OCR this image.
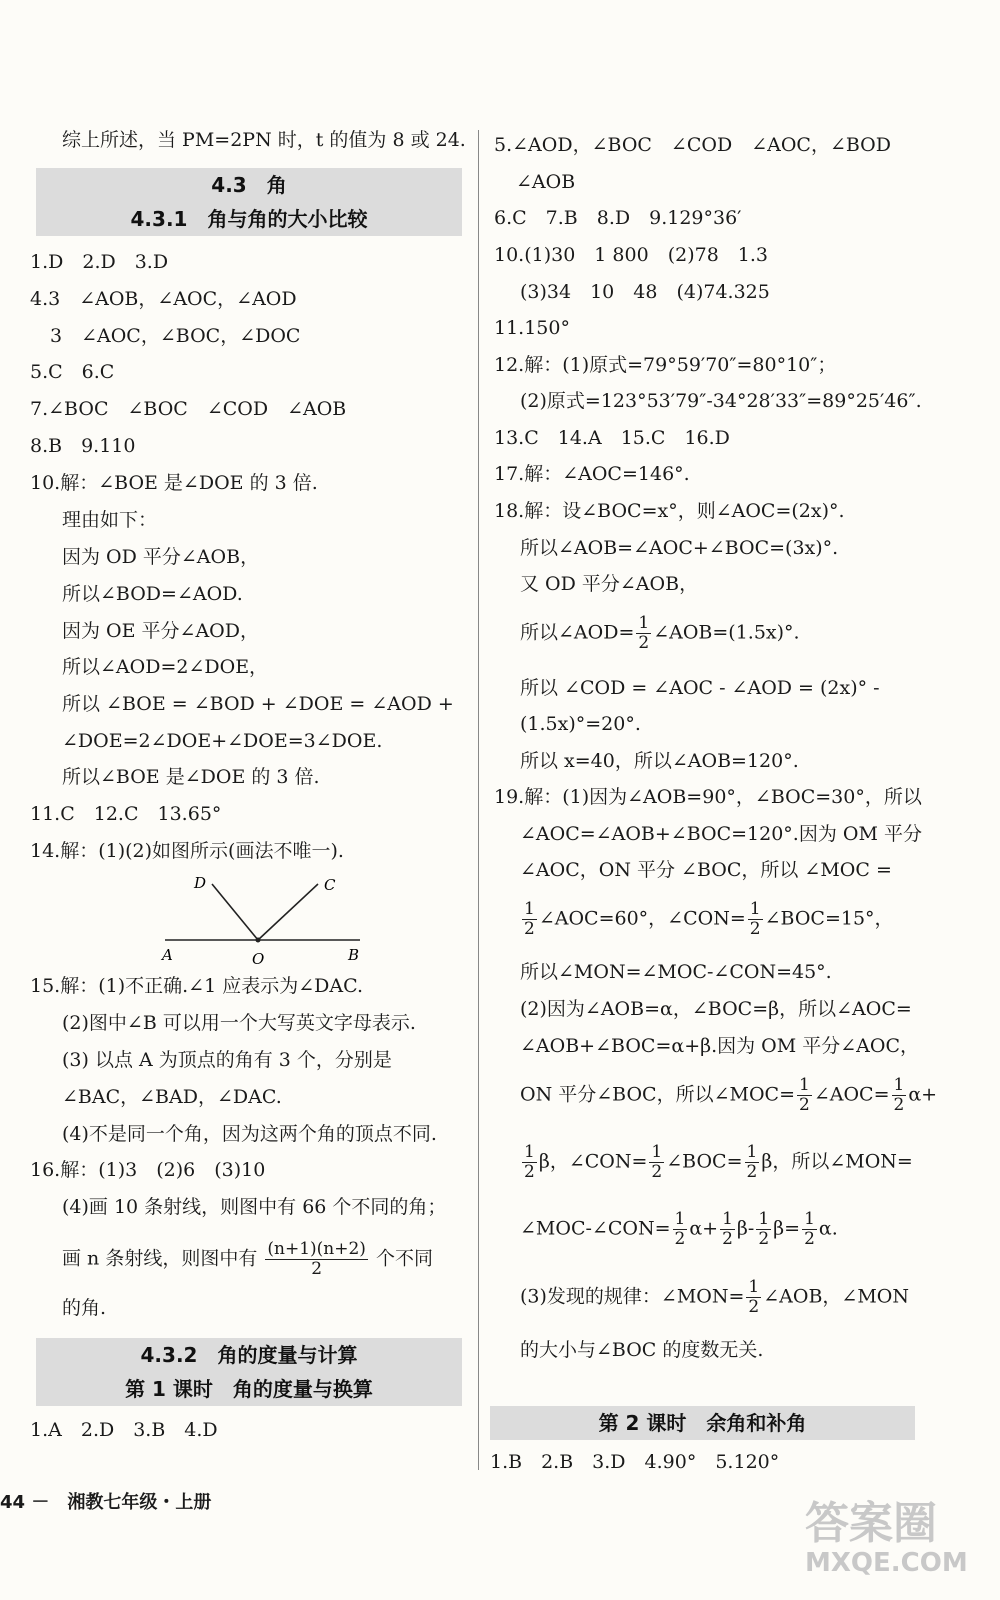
综上所述，当 PM=2PN 时，t 的值为 8 或 24.
4.3　角
4.3.1　角与角的大小比较
1.D　2.D　3.D
4.3　∠AOB，∠AOC，∠AOD
3　∠AOC，∠BOC，∠DOC
5.C　6.C
7.∠BOC　∠BOC　∠COD　∠AOB
8.B　9.110
10.解：∠BOE 是∠DOE 的 3 倍.
理由如下：
因为 OD 平分∠AOB，
所以∠BOD=∠AOD.
因为 OE 平分∠AOD，
所以∠AOD=2∠DOE，
所以 ∠BOE = ∠BOD + ∠DOE = ∠AOD +
∠DOE=2∠DOE+∠DOE=3∠DOE.
所以∠BOE 是∠DOE 的 3 倍.
11.C　12.C　13.65°
14.解：(1)(2)如图所示(画法不唯一).
D	C
A	O	B
15.解：(1)不正确.∠1 应表示为∠DAC.
(2)图中∠B 可以用一个大写英文字母表示.
(3) 以点 A 为顶点的角有 3 个，分别是
∠BAC，∠BAD，∠DAC.
(4)不是同一个角，因为这两个角的顶点不同.
16.解：(1)3　(2)6　(3)10
(4)画 10 条射线，则图中有 66 个不同的角；
画 n 条射线，则图中有 $\frac{(n+1)(n+2)}{2}$ 个不同
的角.
4.3.2　角的度量与计算
第 1 课时　角的度量与换算
1.A　2.D　3.B　4.D
5.∠AOD，∠BOC　∠COD　∠AOC，∠BOD
∠AOB
6.C　7.B　8.D　9.129°36′
10.(1)30　1 800　(2)78　1.3
(3)34　10　48　(4)74.325
11.150°
12.解：(1)原式=79°59′70″=80°10″；
(2)原式=123°53′79″-34°28′33″=89°25′46″.
13.C　14.A　15.C　16.D
17.解：∠AOC=146°.
18.解：设∠BOC=x°，则∠AOC=(2x)°.
所以∠AOB=∠AOC+∠BOC=(3x)°.
又 OD 平分∠AOB，
所以∠AOD= $\frac{1}{2}$ ∠AOB=(1.5x)°.
所以 ∠COD = ∠AOC - ∠AOD = (2x)° -
(1.5x)°=20°.
所以 x=40，所以∠AOB=120°.
19.解：(1)因为∠AOB=90°，∠BOC=30°，所以
∠AOC=∠AOB+∠BOC=120°.因为 OM 平分
∠AOC，ON 平分 ∠BOC，所以 ∠MOC =
$\frac{1}{2}$ ∠AOC=60°，∠CON= $\frac{1}{2}$ ∠BOC=15°，
所以∠MON=∠MOC-∠CON=45°.
(2)因为∠AOB=α，∠BOC=β，所以∠AOC=
∠AOB+∠BOC=α+β.因为 OM 平分∠AOC，
ON 平分∠BOC，所以∠MOC= $\frac{1}{2}$ ∠AOC= $\frac{1}{2} \alpha+$
$\frac{1}{2}$ β，∠CON= $\frac{1}{2}$ ∠BOC= $\frac{1}{2}$ β，所以∠MON=
∠MOC-∠CON= $\frac{1}{2} \alpha+ \frac{1}{2} \beta- \frac{1}{2} \beta= \frac{1}{2} \alpha$.
(3)发现的规律：∠MON= $\frac{1}{2}$ ∠AOB，∠MON
的大小与∠BOC 的度数无关.
第 2 课时　余角和补角
1.B　2.B　3.D　4.90°　5.120°
44 －　湘教七年级・上册	答案圈
MXQE.COM
